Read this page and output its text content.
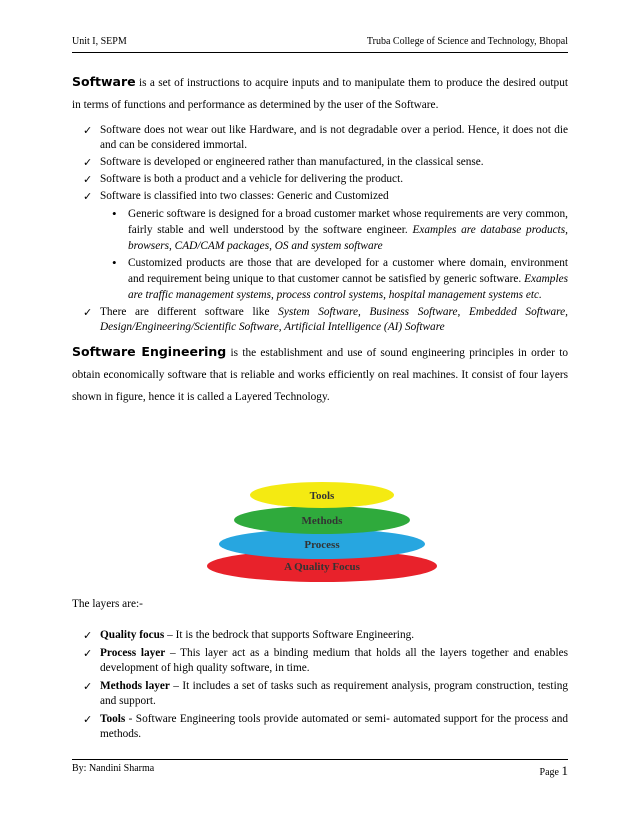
Unit I, SEPM	Truba College of Science and Technology, Bhopal

Software is a set of instructions to acquire inputs and to manipulate them to produce the desired output in terms of functions and performance as determined by the user of the Software.

✓ Software does not wear out like Hardware, and is not degradable over a period. Hence, it does not die and can be considered immortal.
✓ Software is developed or engineered rather than manufactured, in the classical sense.
✓ Software is both a product and a vehicle for delivering the product.
✓ Software is classified into two classes: Generic and Customized
• Generic software is designed for a broad customer market whose requirements are very common, fairly stable and well understood by the software engineer. Examples are database products, browsers, CAD/CAM packages, OS and system software
• Customized products are those that are developed for a customer where domain, environment and requirement being unique to that customer cannot be satisfied by generic software. Examples are traffic management systems, process control systems, hospital management systems etc.
✓ There are different software like System Software, Business Software, Embedded Software, Design/Engineering/Scientific Software, Artificial Intelligence (AI) Software

Software Engineering is the establishment and use of sound engineering principles in order to obtain economically software that is reliable and works efficiently on real machines. It consist of four layers shown in figure, hence it is called a Layered Technology.

Tools
Methods
Process
A Quality Focus
The layers are:-
✓ Quality focus – It is the bedrock that supports Software Engineering.
✓ Process layer – This layer act as a binding medium that holds all the layers together and enables development of high quality software, in time.
✓ Methods layer – It includes a set of tasks such as requirement analysis, program construction, testing and support.
✓ Tools - Software Engineering tools provide automated or semi- automated support for the process and methods.
By: Nandini Sharma	Page 1
